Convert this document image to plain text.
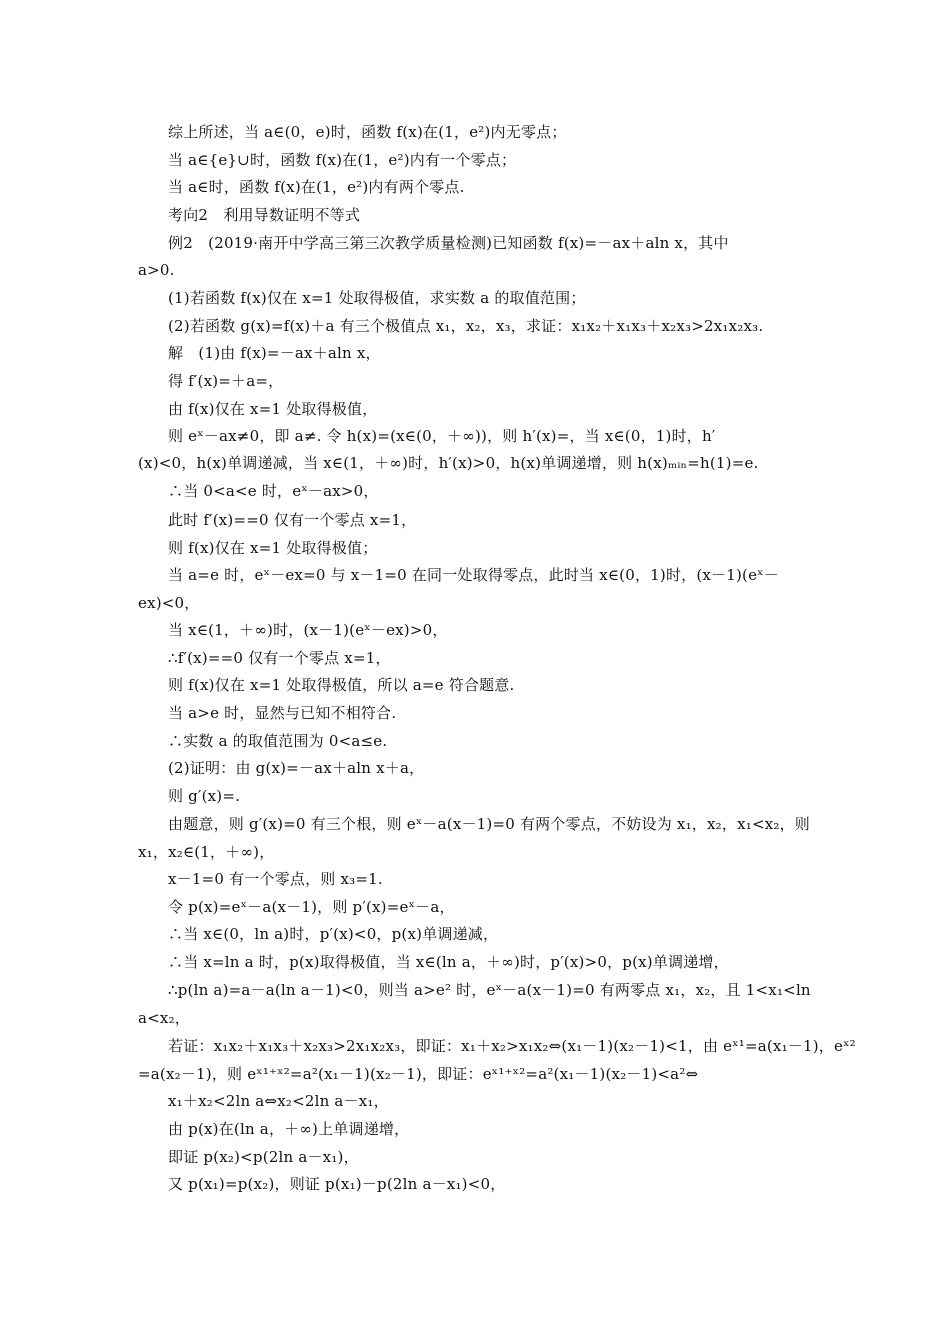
综上所述，当 a∈(0，e)时，函数 f(x)在(1，e²)内无零点；
当 a∈{e}∪时，函数 f(x)在(1，e²)内有一个零点；
当 a∈时，函数 f(x)在(1，e²)内有两个零点.
考向2　利用导数证明不等式
例2　(2019·南开中学高三第三次教学质量检测)已知函数 f(x)=－ax＋aln x，其中
a>0.
(1)若函数 f(x)仅在 x=1 处取得极值，求实数 a 的取值范围；
(2)若函数 g(x)=f(x)＋a 有三个极值点 x₁，x₂，x₃，求证：x₁x₂＋x₁x₃＋x₂x₃>2x₁x₂x₃.
解　(1)由 f(x)=－ax＋aln x，
得 f′(x)=＋a=，
由 f(x)仅在 x=1 处取得极值，
则 eˣ－ax≠0，即 a≠. 令 h(x)=(x∈(0，＋∞))，则 h′(x)=，当 x∈(0，1)时，h′
(x)<0，h(x)单调递减，当 x∈(1，＋∞)时，h′(x)>0，h(x)单调递增，则 h(x)ₘᵢₙ=h(1)=e.
∴当 0<a<e 时，eˣ－ax>0，
此时 f′(x)==0 仅有一个零点 x=1，
则 f(x)仅在 x=1 处取得极值；
当 a=e 时，eˣ－ex=0 与 x－1=0 在同一处取得零点，此时当 x∈(0，1)时，(x－1)(eˣ－
ex)<0，
当 x∈(1，＋∞)时，(x－1)(eˣ－ex)>0，
∴f′(x)==0 仅有一个零点 x=1，
则 f(x)仅在 x=1 处取得极值，所以 a=e 符合题意.
当 a>e 时，显然与已知不相符合.
∴实数 a 的取值范围为 0<a≤e.
(2)证明：由 g(x)=－ax＋aln x＋a，
则 g′(x)=.
由题意，则 g′(x)=0 有三个根，则 eˣ－a(x－1)=0 有两个零点，不妨设为 x₁，x₂，x₁<x₂，则
x₁，x₂∈(1，＋∞)，
x－1=0 有一个零点，则 x₃=1.
令 p(x)=eˣ－a(x－1)，则 p′(x)=eˣ－a，
∴当 x∈(0，ln a)时，p′(x)<0，p(x)单调递减，
∴当 x=ln a 时，p(x)取得极值，当 x∈(ln a，＋∞)时，p′(x)>0，p(x)单调递增，
∴p(ln a)=a－a(ln a－1)<0，则当 a>e² 时，eˣ－a(x－1)=0 有两零点 x₁，x₂，且 1<x₁<ln
a<x₂，
若证：x₁x₂＋x₁x₃＋x₂x₃>2x₁x₂x₃，即证：x₁＋x₂>x₁x₂⇔(x₁－1)(x₂－1)<1，由 eˣ¹=a(x₁－1)，eˣ²
=a(x₂－1)，则 eˣ¹⁺ˣ²=a²(x₁－1)(x₂－1)，即证：eˣ¹⁺ˣ²=a²(x₁－1)(x₂－1)<a²⇔
x₁＋x₂<2ln a⇔x₂<2ln a－x₁，
由 p(x)在(ln a，＋∞)上单调递增，
即证 p(x₂)<p(2ln a－x₁)，
又 p(x₁)=p(x₂)，则证 p(x₁)－p(2ln a－x₁)<0，
